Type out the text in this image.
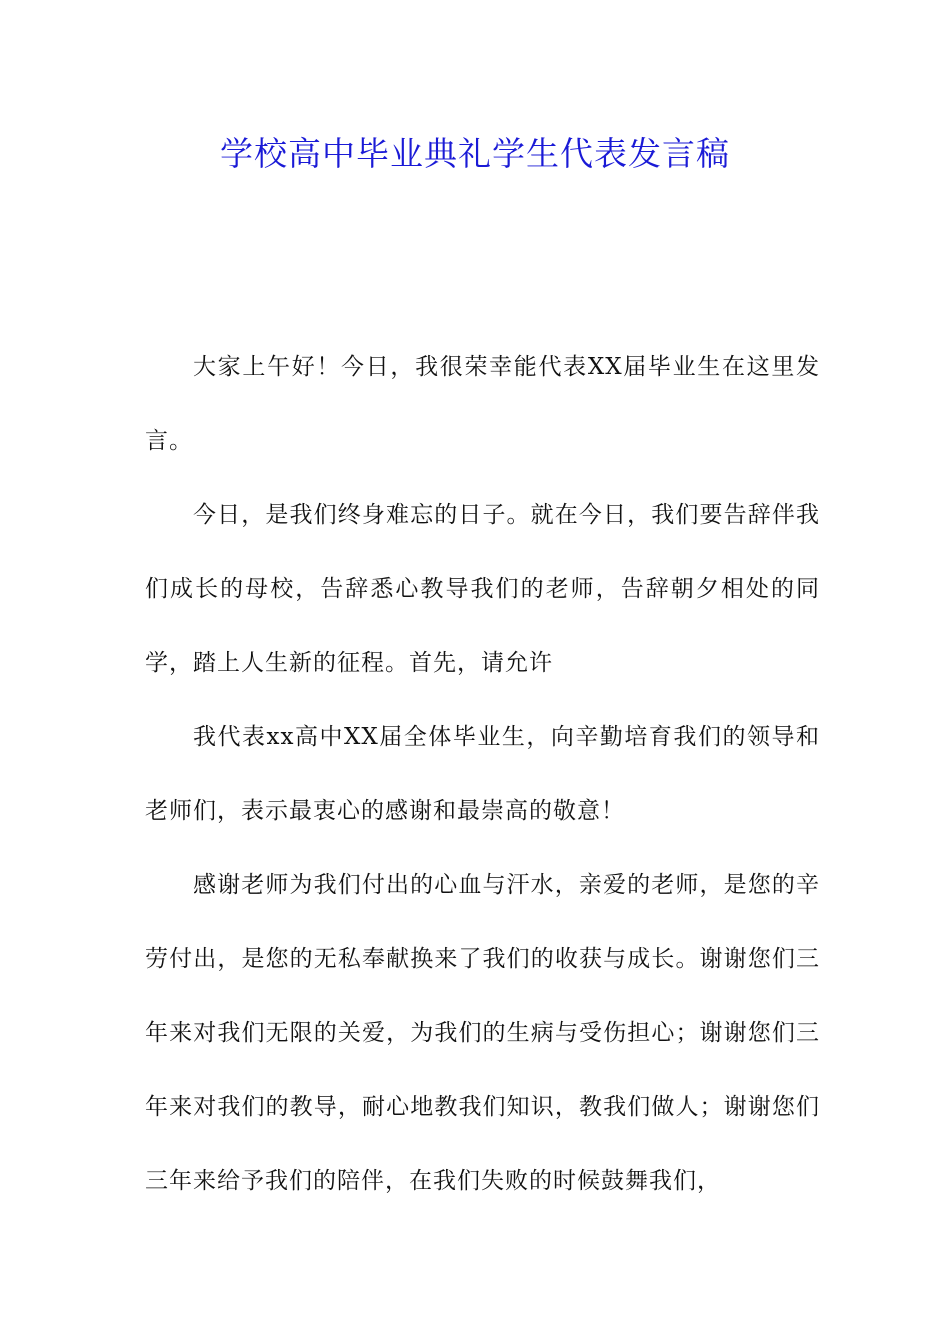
学校高中毕业典礼学生代表发言稿

大家上午好！今日，我很荣幸能代表XX届毕业生在这里发言。

今日，是我们终身难忘的日子。就在今日，我们要告辞伴我们成长的母校，告辞悉心教导我们的老师，告辞朝夕相处的同学，踏上人生新的征程。首先，请允许

我代表xx高中XX届全体毕业生，向辛勤培育我们的领导和老师们，表示最衷心的感谢和最崇高的敬意！

感谢老师为我们付出的心血与汗水，亲爱的老师，是您的辛劳付出，是您的无私奉献换来了我们的收获与成长。谢谢您们三年来对我们无限的关爱，为我们的生病与受伤担心；谢谢您们三年来对我们的教导，耐心地教我们知识，教我们做人；谢谢您们三年来给予我们的陪伴，在我们失败的时候鼓舞我们，
